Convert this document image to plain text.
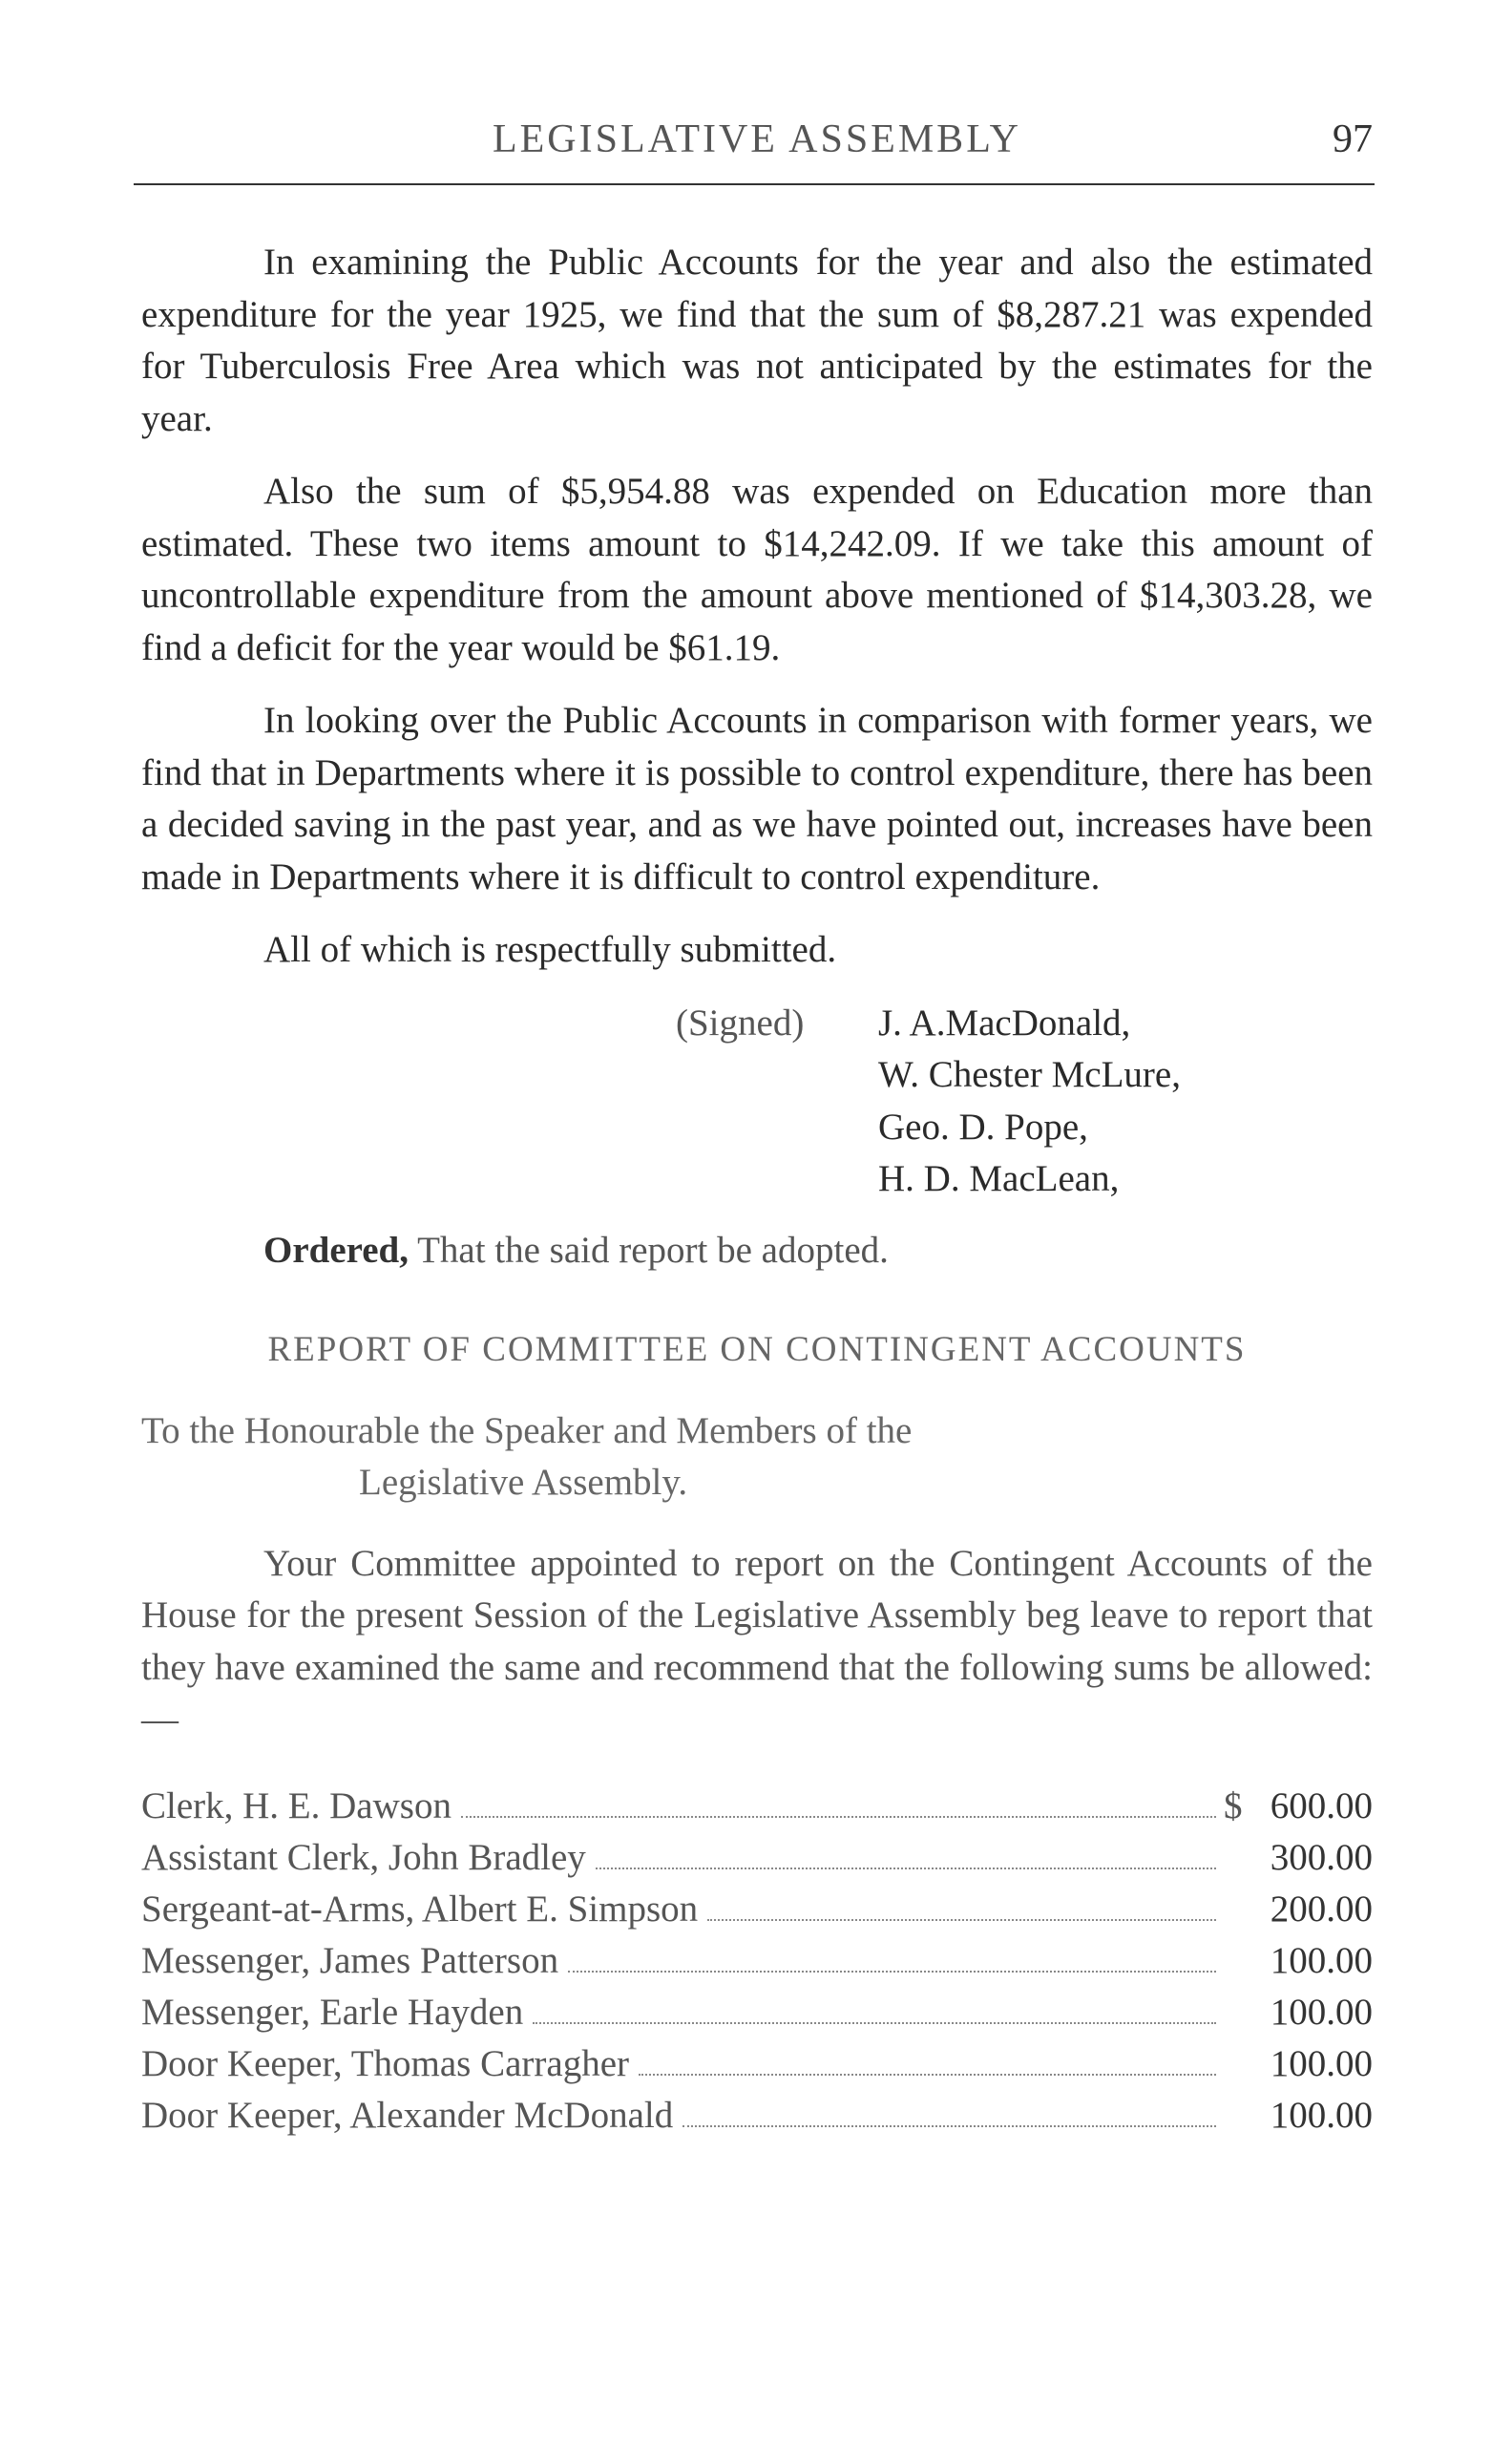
LEGISLATIVE ASSEMBLY	97

In examining the Public Accounts for the year and also the estimated expenditure for the year 1925, we find that the sum of $8,287.21 was expended for Tuberculosis Free Area which was not anticipated by the estimates for the year.

Also the sum of $5,954.88 was expended on Education more than estimated. These two items amount to $14,242.09. If we take this amount of uncontrollable expenditure from the amount above mentioned of $14,303.28, we find a deficit for the year would be $61.19.

In looking over the Public Accounts in comparison with former years, we find that in Departments where it is possible to control expenditure, there has been a decided saving in the past year, and as we have pointed out, increases have been made in Departments where it is difficult to control expenditure.

All of which is respectfully submitted.

(Signed) J. A.MacDonald,
W. Chester McLure,
Geo. D. Pope,
H. D. MacLean,
Ordered, That the said report be adopted.
REPORT OF COMMITTEE ON CONTINGENT ACCOUNTS
To the Honourable the Speaker and Members of the
Legislative Assembly.

Your Committee appointed to report on the Contingent Accounts of the House for the present Session of the Legislative Assembly beg leave to report that they have examined the same and recommend that the following sums be allowed:—

Clerk, H. E. Dawson	$ 600.00
Assistant Clerk, John Bradley	300.00
Sergeant-at-Arms, Albert E. Simpson	200.00
Messenger, James Patterson	100.00
Messenger, Earle Hayden	100.00
Door Keeper, Thomas Carragher	100.00
Door Keeper, Alexander McDonald	100.00
